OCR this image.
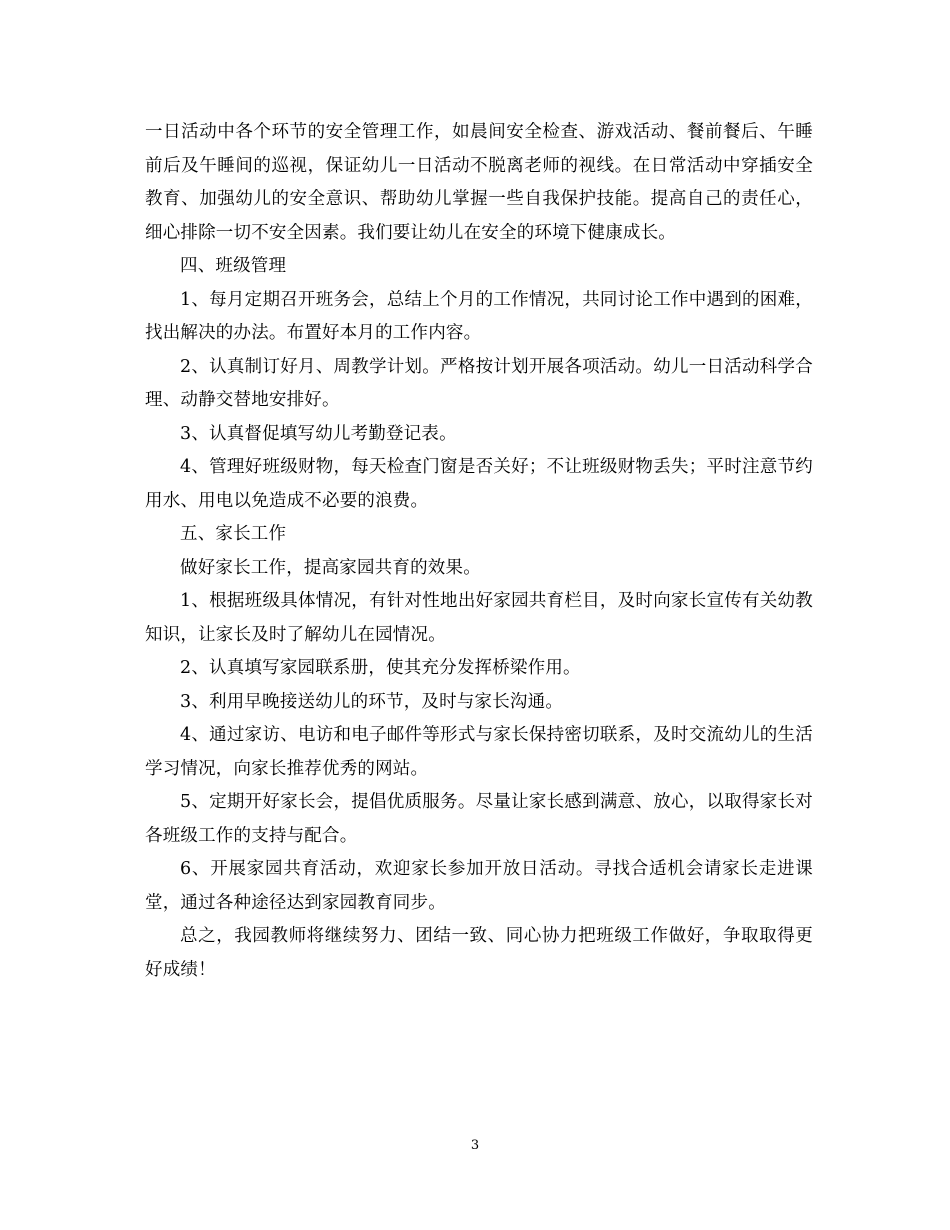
一日活动中各个环节的安全管理工作，如晨间安全检查、游戏活动、餐前餐后、午睡前后及午睡间的巡视，保证幼儿一日活动不脱离老师的视线。在日常活动中穿插安全教育、加强幼儿的安全意识、帮助幼儿掌握一些自我保护技能。提高自己的责任心，细心排除一切不安全因素。我们要让幼儿在安全的环境下健康成长。

四、班级管理

1、每月定期召开班务会，总结上个月的工作情况，共同讨论工作中遇到的困难，找出解决的办法。布置好本月的工作内容。

2、认真制订好月、周教学计划。严格按计划开展各项活动。幼儿一日活动科学合理、动静交替地安排好。

3、认真督促填写幼儿考勤登记表。

4、管理好班级财物，每天检查门窗是否关好；不让班级财物丢失；平时注意节约用水、用电以免造成不必要的浪费。

五、家长工作

做好家长工作，提高家园共育的效果。

1、根据班级具体情况，有针对性地出好家园共育栏目，及时向家长宣传有关幼教知识，让家长及时了解幼儿在园情况。

2、认真填写家园联系册，使其充分发挥桥梁作用。

3、利用早晚接送幼儿的环节，及时与家长沟通。

4、通过家访、电访和电子邮件等形式与家长保持密切联系，及时交流幼儿的生活学习情况，向家长推荐优秀的网站。

5、定期开好家长会，提倡优质服务。尽量让家长感到满意、放心，以取得家长对各班级工作的支持与配合。

6、开展家园共育活动，欢迎家长参加开放日活动。寻找合适机会请家长走进课堂，通过各种途径达到家园教育同步。

总之，我园教师将继续努力、团结一致、同心协力把班级工作做好，争取取得更好成绩！

3
